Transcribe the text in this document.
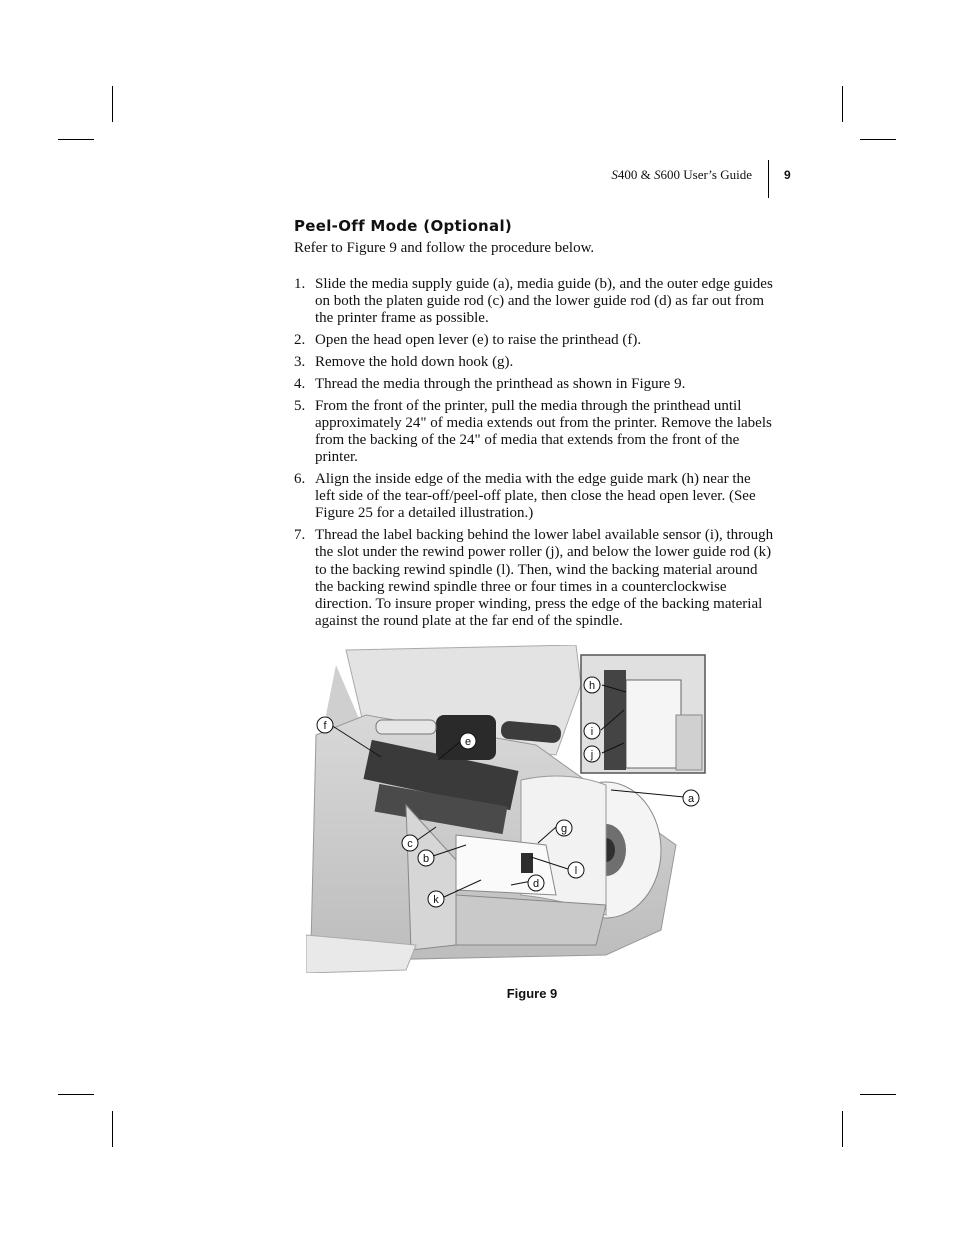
S400 & S600 User’s Guide	9
Peel-Off Mode (Optional)

Refer to Figure 9 and follow the procedure below.

1. Slide the media supply guide (a), media guide (b), and the outer edge guides on both the platen guide rod (c) and the lower guide rod (d) as far out from the printer frame as possible.
2. Open the head open lever (e) to raise the printhead (f).
3. Remove the hold down hook (g).
4. Thread the media through the printhead as shown in Figure 9.
5. From the front of the printer, pull the media through the printhead until approximately 24" of media extends out from the printer. Remove the labels from the backing of the 24" of media that extends from the front of the printer.
6. Align the inside edge of the media with the edge guide mark (h) near the left side of the tear-off/peel-off plate, then close the head open lever. (See Figure 25 for a detailed illustration.)
7. Thread the label backing behind the lower label available sensor (i), through the slot under the rewind power roller (j), and below the lower guide rod (k) to the backing rewind spindle (l). Then, wind the backing material around the backing rewind spindle three or four times in a counterclockwise direction. To insure proper winding, press the edge of the backing material against the round plate at the far end of the spindle.
f
e
a
c
b
g
l
d
k
h
i
j
Figure 9
